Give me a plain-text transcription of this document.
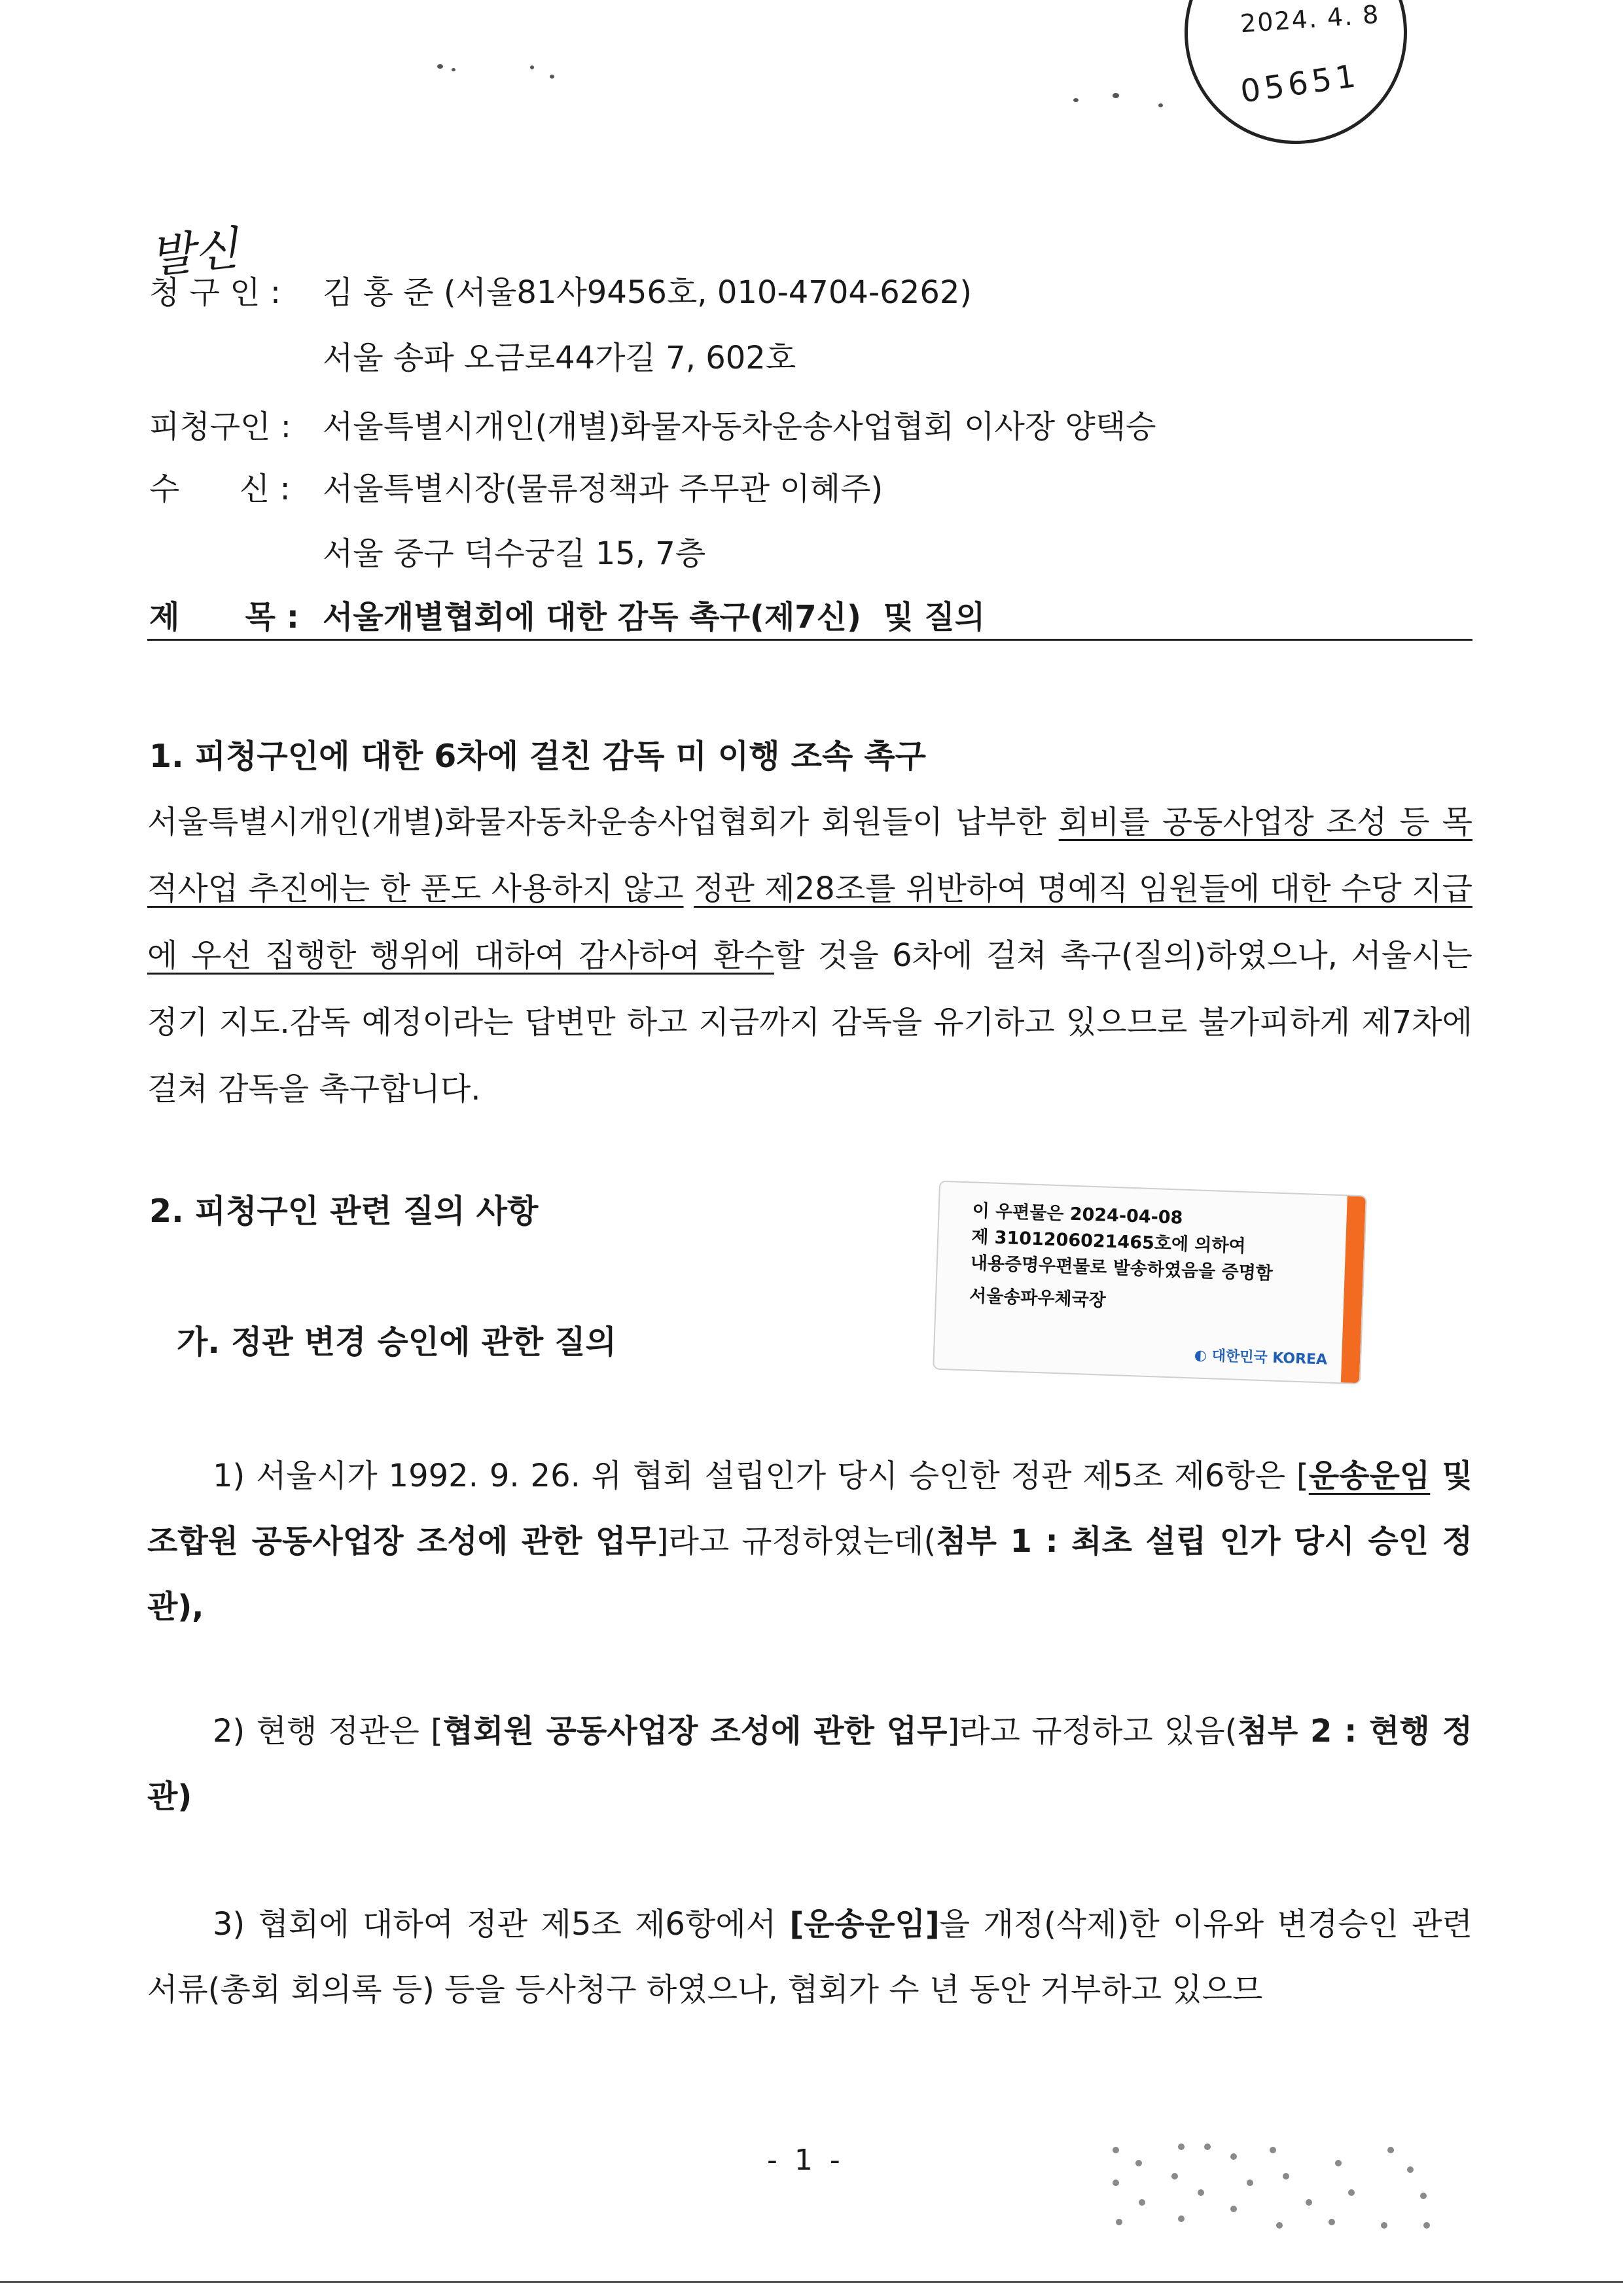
2024. 4. 8
05651
발신
청 구 인 : 김 홍 준 (서울81사9456호, 010-4704-6262)
서울 송파 오금로44가길 7, 602호
피청구인 : 서울특별시개인(개별)화물자동차운송사업협회 이사장 양택승
수      신 : 서울특별시장(물류정책과 주무관 이혜주)
서울 중구 덕수궁길 15, 7층
제      목 : 서울개별협회에 대한 감독 촉구(제7신)  및 질의
1. 피청구인에 대한 6차에 걸친 감독 미 이행 조속 촉구
서울특별시개인(개별)화물자동차운송사업협회가 회원들이 납부한 회비를 공동사업장 조성 등 목적사업 추진에는 한 푼도 사용하지 않고 정관 제28조를 위반하여 명예직 임원들에 대한 수당 지급에 우선 집행한 행위에 대하여 감사하여 환수할 것을 6차에 걸쳐 촉구(질의)하였으나, 서울시는 정기 지도.감독 예정이라는 답변만 하고 지금까지 감독을 유기하고 있으므로 불가피하게 제7차에 걸쳐 감독을 촉구합니다.
2. 피청구인 관련 질의 사항
가. 정관 변경 승인에 관한 질의
1) 서울시가 1992. 9. 26. 위 협회 설립인가 당시 승인한 정관 제5조 제6항은 [운송운임 및 조합원 공동사업장 조성에 관한 업무]라고 규정하였는데(첨부 1 : 최초 설립 인가 당시 승인 정관),
2) 현행 정관은 [협회원 공동사업장 조성에 관한 업무]라고 규정하고 있음(첨부 2 : 현행 정관)
3) 협회에 대하여 정관 제5조 제6항에서 [운송운임]을 개정(삭제)한 이유와 변경승인 관련 서류(총회 회의록 등) 등을 등사청구 하였으나, 협회가 수 년 동안 거부하고 있으므
이 우편물은 2024-04-08
제 3101206021465호에 의하여
내용증명우편물로 발송하였음을 증명함
서울송파우체국장
◐ 대한민국 KOREA
- 1 -
